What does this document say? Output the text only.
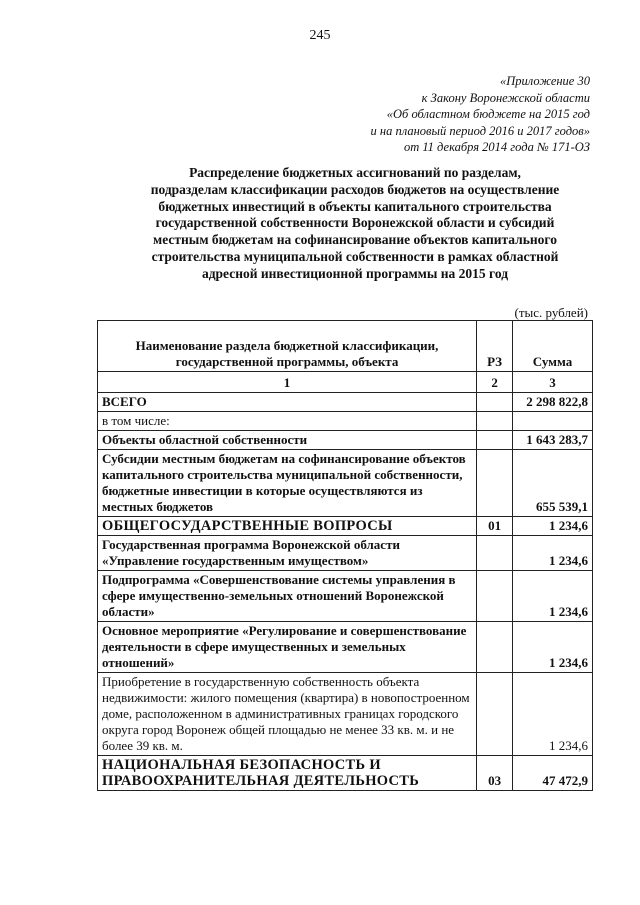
245
«Приложение 30
к Закону Воронежской области
«Об областном бюджете на 2015 год
и на плановый период 2016 и 2017 годов»
от 11 декабря 2014 года № 171-ОЗ
Распределение бюджетных ассигнований по разделам,
подразделам классификации расходов бюджетов на осуществление
бюджетных инвестиций в объекты капитального строительства
государственной собственности Воронежской области и субсидий
местным бюджетам на софинансирование объектов капитального
строительства муниципальной собственности в рамках областной
адресной инвестиционной программы на 2015 год
(тыс. рублей)
Наименование раздела бюджетной классификации, государственной программы, объекта	РЗ	Сумма
1	2	3
ВСЕГО		2 298 822,8
в том числе:		
Объекты областной собственности		1 643 283,7
Субсидии местным бюджетам на софинансирование объектов капитального строительства муниципальной собственности, бюджетные инвестиции в которые осуществляются из местных бюджетов		655 539,1
ОБЩЕГОСУДАРСТВЕННЫЕ ВОПРОСЫ	01	1 234,6
Государственная программа Воронежской области «Управление государственным имуществом»		1 234,6
Подпрограмма «Совершенствование системы управления в сфере имущественно-земельных отношений Воронежской области»		1 234,6
Основное мероприятие «Регулирование и совершенствование деятельности в сфере имущественных и земельных отношений»		1 234,6
Приобретение в государственную собственность объекта недвижимости: жилого помещения (квартира) в новопостроенном доме, расположенном в административных границах городского округа город Воронеж общей площадью не менее 33 кв. м. и не более 39 кв. м.		1 234,6
НАЦИОНАЛЬНАЯ БЕЗОПАСНОСТЬ И ПРАВООХРАНИТЕЛЬНАЯ ДЕЯТЕЛЬНОСТЬ	03	47 472,9
